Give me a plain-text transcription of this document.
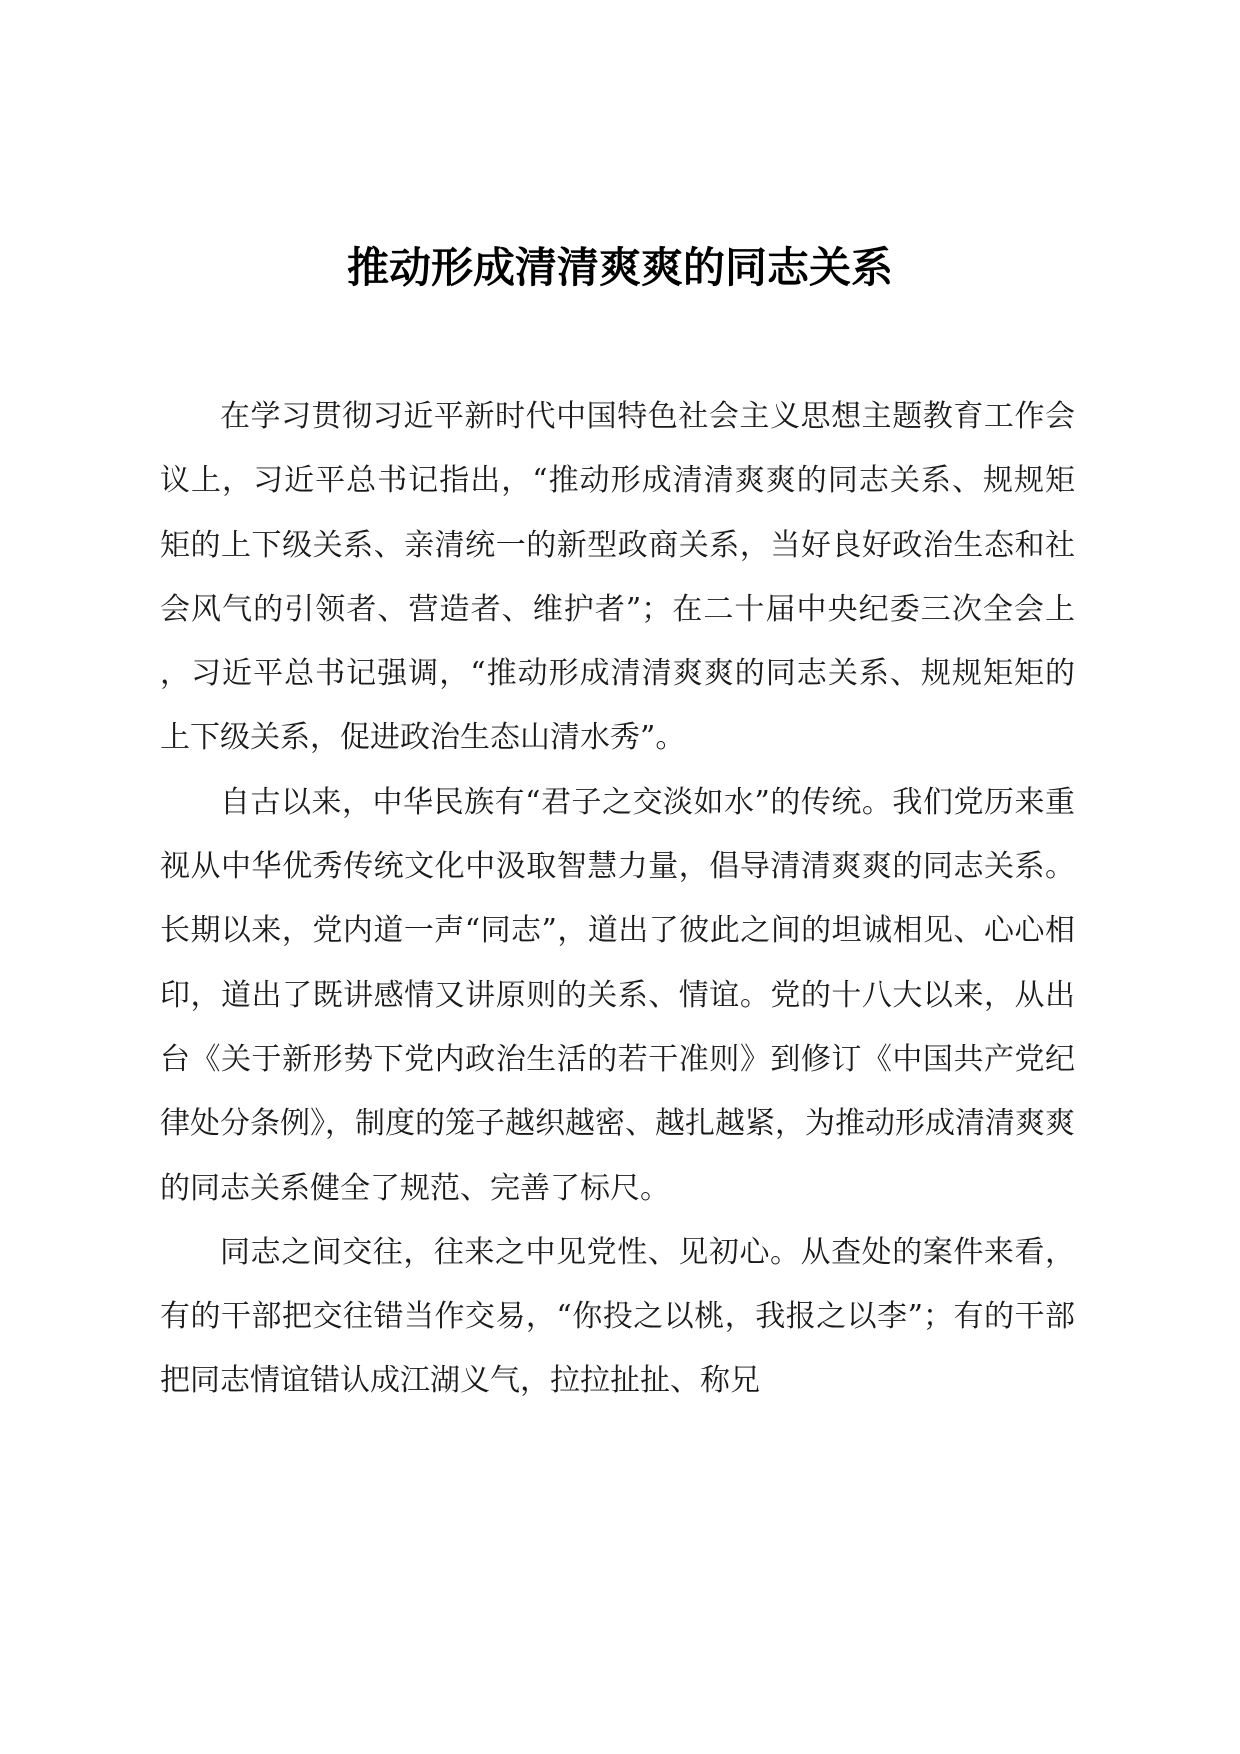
推动形成清清爽爽的同志关系

在学习贯彻习近平新时代中国特色社会主义思想主题教育工作会议上，习近平总书记指出，“推动形成清清爽爽的同志关系、规规矩矩的上下级关系、亲清统一的新型政商关系，当好良好政治生态和社会风气的引领者、营造者、维护者”；在二十届中央纪委三次全会上，习近平总书记强调，“推动形成清清爽爽的同志关系、规规矩矩的上下级关系，促进政治生态山清水秀”。

自古以来，中华民族有“君子之交淡如水”的传统。我们党历来重视从中华优秀传统文化中汲取智慧力量，倡导清清爽爽的同志关系。长期以来，党内道一声“同志”，道出了彼此之间的坦诚相见、心心相印，道出了既讲感情又讲原则的关系、情谊。党的十八大以来，从出台《关于新形势下党内政治生活的若干准则》到修订《中国共产党纪律处分条例》，制度的笼子越织越密、越扎越紧，为推动形成清清爽爽的同志关系健全了规范、完善了标尺。

同志之间交往，往来之中见党性、见初心。从查处的案件来看，有的干部把交往错当作交易，“你投之以桃，我报之以李”；有的干部把同志情谊错认成江湖义气，拉拉扯扯、称兄
